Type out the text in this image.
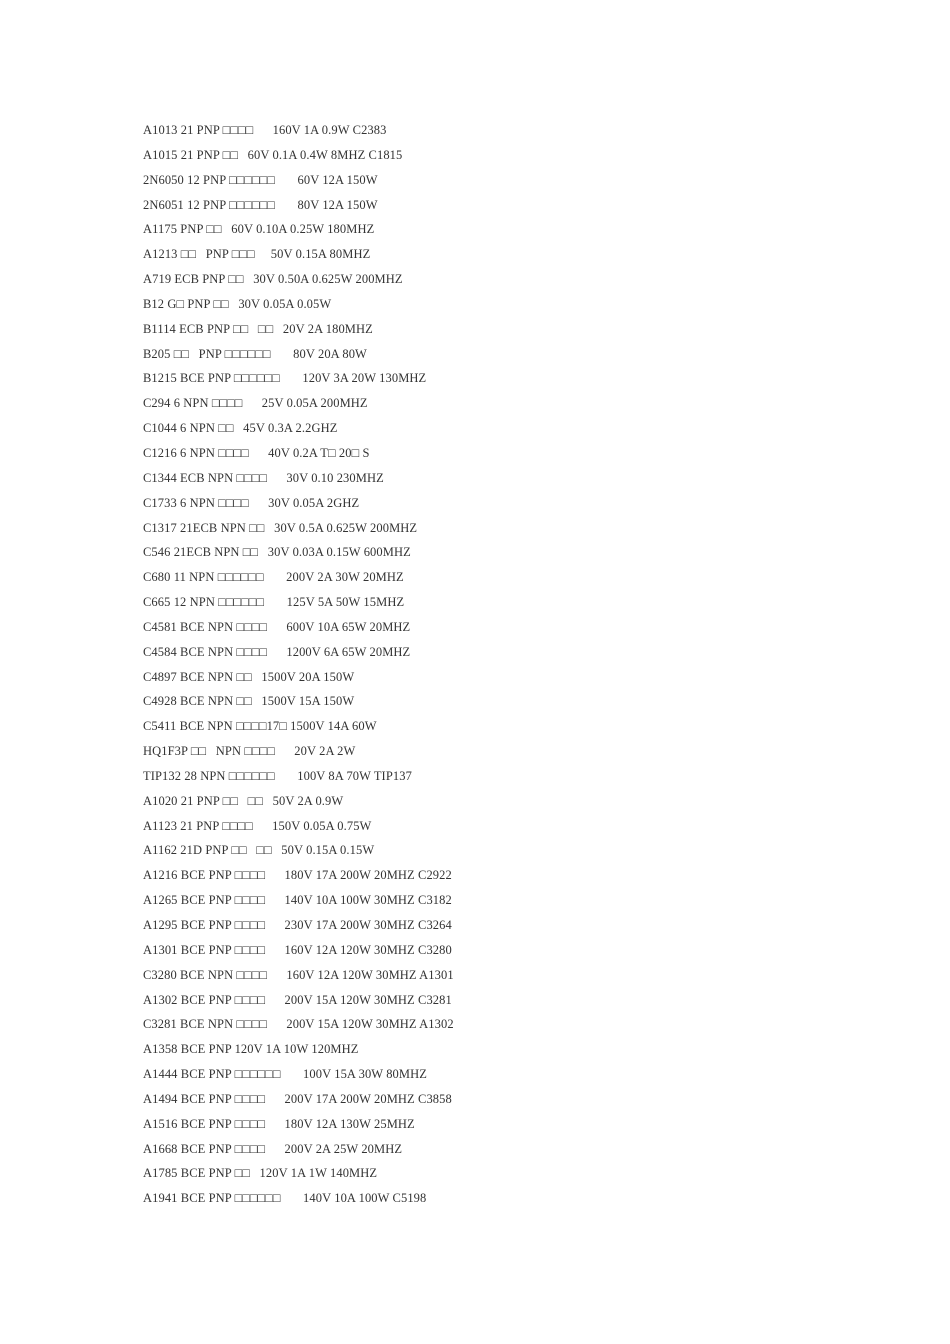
A1013 21 PNP □□□□      160V 1A 0.9W C2383
A1015 21 PNP □□   60V 0.1A 0.4W 8MHZ C1815
2N6050 12 PNP □□□□□□       60V 12A 150W
2N6051 12 PNP □□□□□□       80V 12A 150W
A1175 PNP □□   60V 0.10A 0.25W 180MHZ
A1213 □□   PNP □□□     50V 0.15A 80MHZ
A719 ECB PNP □□   30V 0.50A 0.625W 200MHZ
B12 G□ PNP □□   30V 0.05A 0.05W
B1114 ECB PNP □□   □□   20V 2A 180MHZ
B205 □□   PNP □□□□□□       80V 20A 80W
B1215 BCE PNP □□□□□□       120V 3A 20W 130MHZ
C294 6 NPN □□□□      25V 0.05A 200MHZ
C1044 6 NPN □□   45V 0.3A 2.2GHZ
C1216 6 NPN □□□□      40V 0.2A T□ 20□ S
C1344 ECB NPN □□□□      30V 0.10 230MHZ
C1733 6 NPN □□□□      30V 0.05A 2GHZ
C1317 21ECB NPN □□   30V 0.5A 0.625W 200MHZ
C546 21ECB NPN □□   30V 0.03A 0.15W 600MHZ
C680 11 NPN □□□□□□       200V 2A 30W 20MHZ
C665 12 NPN □□□□□□       125V 5A 50W 15MHZ
C4581 BCE NPN □□□□      600V 10A 65W 20MHZ
C4584 BCE NPN □□□□      1200V 6A 65W 20MHZ
C4897 BCE NPN □□   1500V 20A 150W
C4928 BCE NPN □□   1500V 15A 150W
C5411 BCE NPN □□□□17□ 1500V 14A 60W
HQ1F3P □□   NPN □□□□      20V 2A 2W
TIP132 28 NPN □□□□□□       100V 8A 70W TIP137
A1020 21 PNP □□   □□   50V 2A 0.9W
A1123 21 PNP □□□□      150V 0.05A 0.75W
A1162 21D PNP □□   □□   50V 0.15A 0.15W
A1216 BCE PNP □□□□      180V 17A 200W 20MHZ C2922
A1265 BCE PNP □□□□      140V 10A 100W 30MHZ C3182
A1295 BCE PNP □□□□      230V 17A 200W 30MHZ C3264
A1301 BCE PNP □□□□      160V 12A 120W 30MHZ C3280
C3280 BCE NPN □□□□      160V 12A 120W 30MHZ A1301
A1302 BCE PNP □□□□      200V 15A 120W 30MHZ C3281
C3281 BCE NPN □□□□      200V 15A 120W 30MHZ A1302
A1358 BCE PNP 120V 1A 10W 120MHZ
A1444 BCE PNP □□□□□□       100V 15A 30W 80MHZ
A1494 BCE PNP □□□□      200V 17A 200W 20MHZ C3858
A1516 BCE PNP □□□□      180V 12A 130W 25MHZ
A1668 BCE PNP □□□□      200V 2A 25W 20MHZ
A1785 BCE PNP □□   120V 1A 1W 140MHZ
A1941 BCE PNP □□□□□□       140V 10A 100W C5198
